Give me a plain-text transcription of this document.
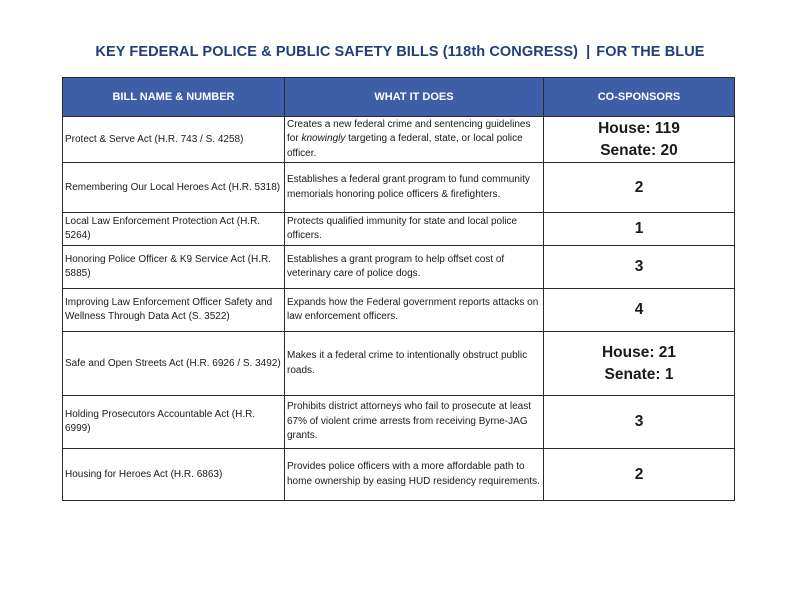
KEY FEDERAL POLICE & PUBLIC SAFETY BILLS (118th CONGRESS) | FOR THE BLUE
BILL NAME & NUMBER	WHAT IT DOES	CO-SPONSORS
Protect & Serve Act (H.R. 743 / S. 4258)	Creates a new federal crime and sentencing guidelines for knowingly targeting a federal, state, or local police officer.	House: 119
Senate: 20

Remembering Our Local Heroes Act (H.R. 5318)	Establishes a federal grant program to fund community memorials honoring police officers & firefighters.	2
Local Law Enforcement Protection Act (H.R. 5264)	Protects qualified immunity for state and local police officers.	1
Honoring Police Officer & K9 Service Act (H.R. 5885)	Establishes a grant program to help offset cost of veterinary care of police dogs.	3
Improving Law Enforcement Officer Safety and Wellness Through Data Act (S. 3522)	Expands how the Federal government reports attacks on law enforcement officers.	4
Safe and Open Streets Act (H.R. 6926 / S. 3492)	Makes it a federal crime to intentionally obstruct public roads.	House: 21
Senate: 1

Holding Prosecutors Accountable Act (H.R. 6999)	Prohibits district attorneys who fail to prosecute at least 67% of violent crime arrests from receiving Byrne-JAG grants.	3
Housing for Heroes Act (H.R. 6863)	Provides police officers with a more affordable path to home ownership by easing HUD residency requirements.	2
